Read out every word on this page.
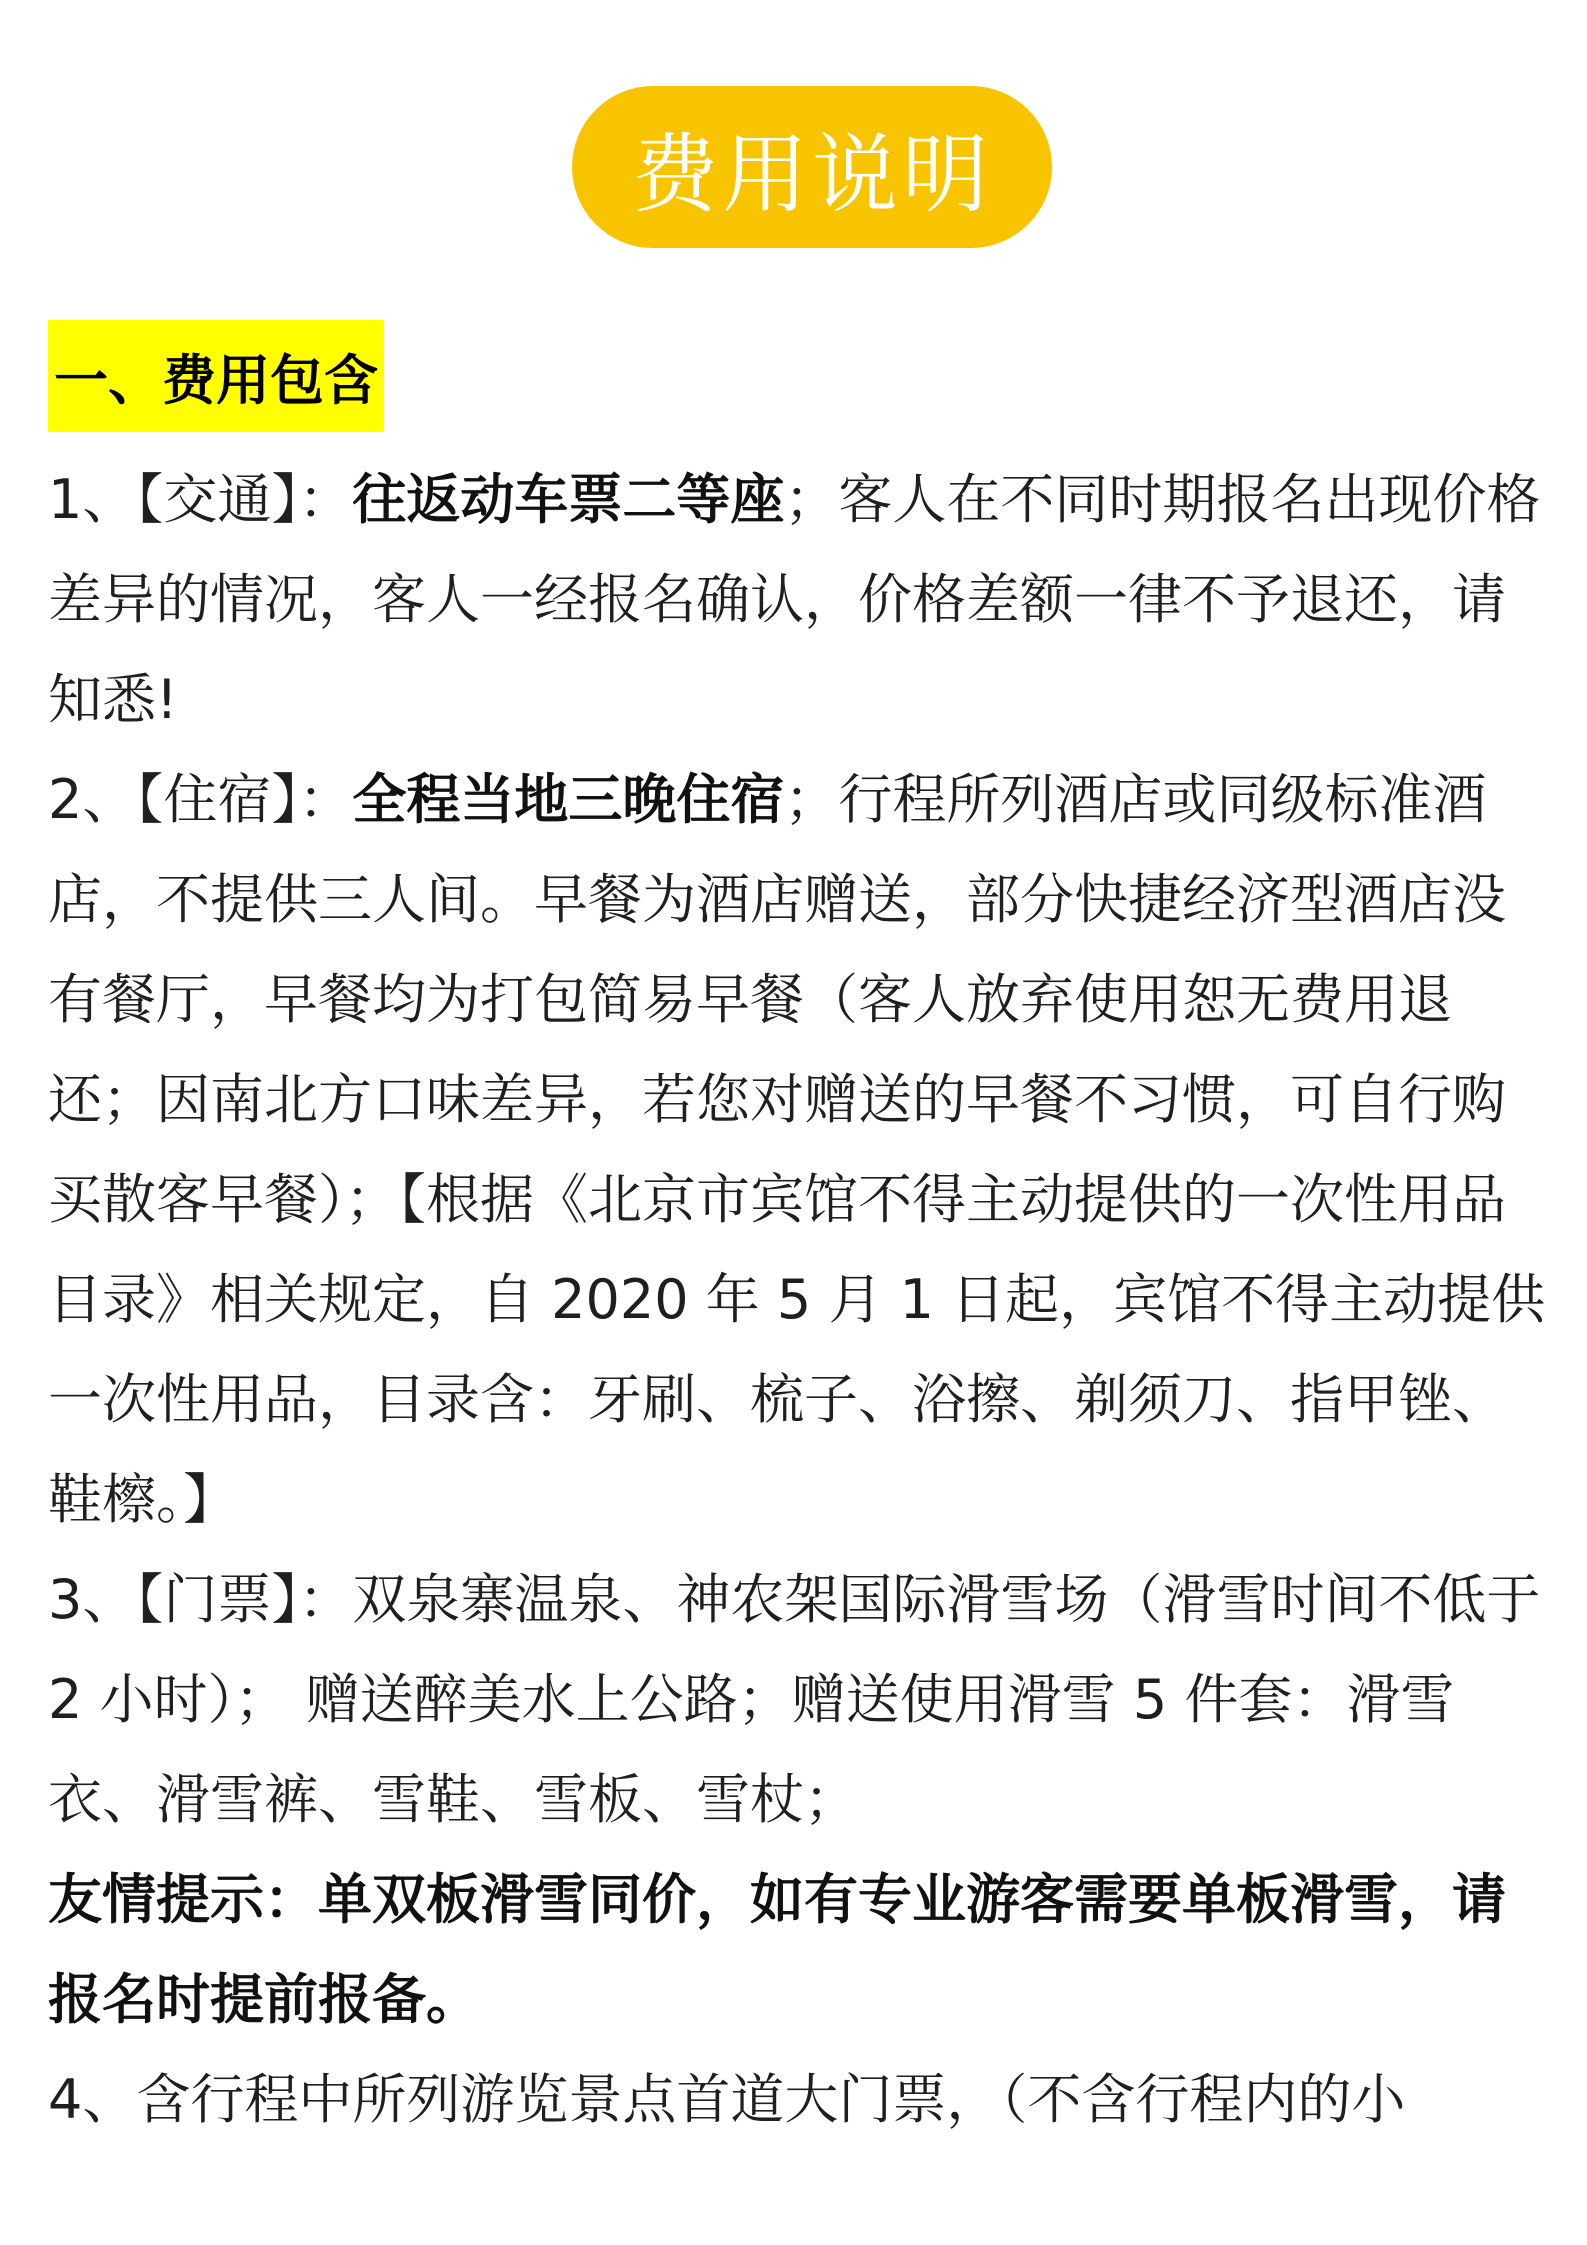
费用说明
一、费用包含

1、【交通】：往返动车票二等座；客人在不同时期报名出现价格差异的情况，客人一经报名确认，价格差额一律不予退还，请知悉!

2、【住宿】：全程当地三晚住宿；行程所列酒店或同级标准酒店，不提供三人间。早餐为酒店赠送，部分快捷经济型酒店没有餐厅，早餐均为打包简易早餐（客人放弃使用恕无费用退还；因南北方口味差异，若您对赠送的早餐不习惯，可自行购买散客早餐）；【根据《北京市宾馆不得主动提供的一次性用品目录》相关规定，自 2020 年 5 月 1 日起，宾馆不得主动提供一次性用品，目录含：牙刷、梳子、浴擦、剃须刀、指甲锉、鞋檫。】

3、【门票】：双泉寨温泉、神农架国际滑雪场（滑雪时间不低于 2 小时）； 赠送醉美水上公路；赠送使用滑雪 5 件套：滑雪衣、滑雪裤、雪鞋、雪板、雪杖；

友情提示：单双板滑雪同价，如有专业游客需要单板滑雪，请报名时提前报备。

4、含行程中所列游览景点首道大门票，（不含行程内的小
